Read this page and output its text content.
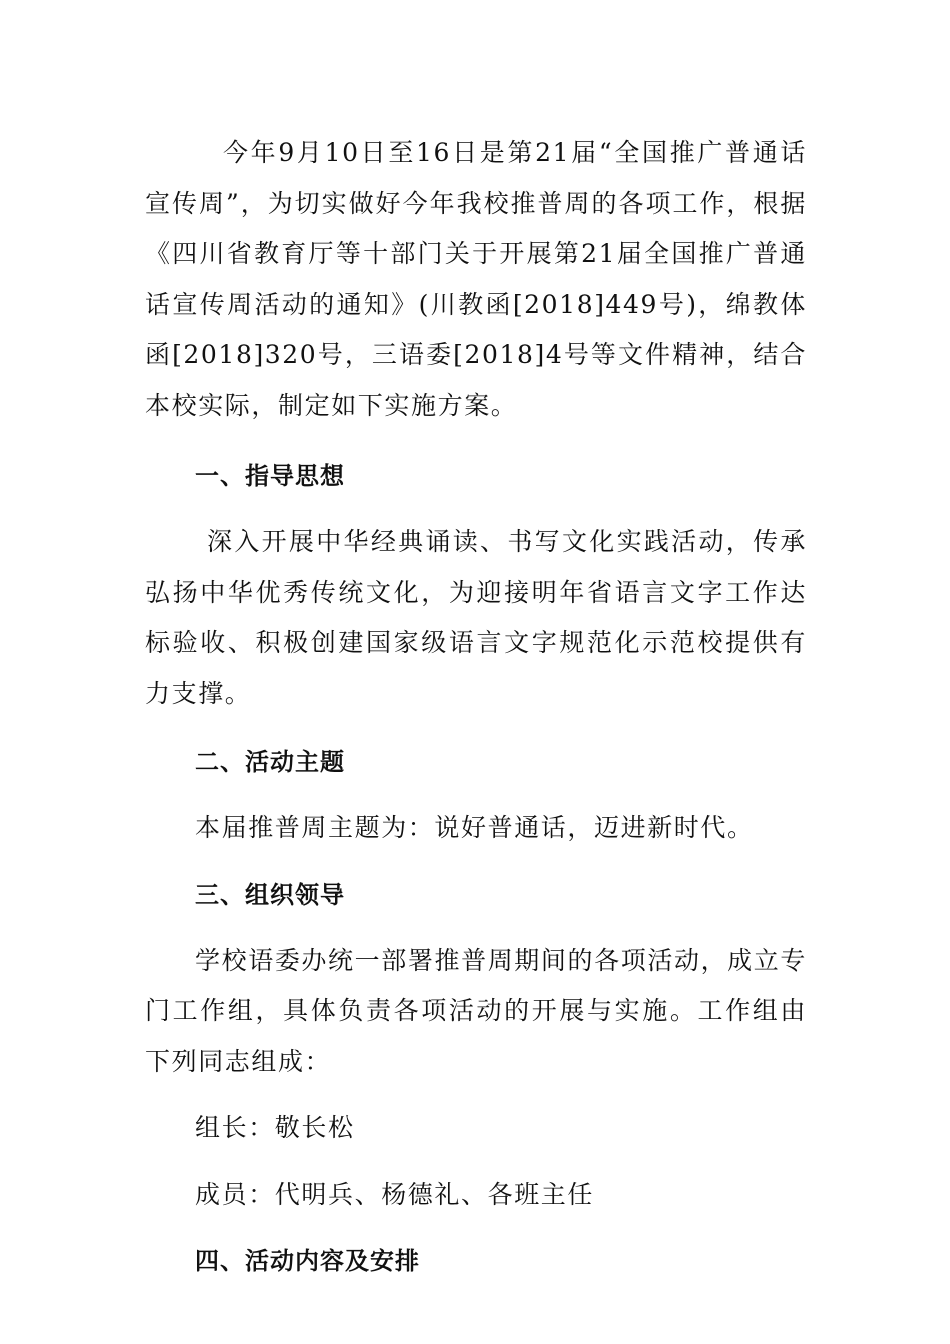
今年9月10日至16日是第21届“全国推广普通话宣传周”，为切实做好今年我校推普周的各项工作，根据《四川省教育厅等十部门关于开展第21届全国推广普通话宣传周活动的通知》(川教函[2018]449号)，绵教体函[2018]320号，三语委[2018]4号等文件精神，结合本校实际，制定如下实施方案。

一、指导思想

深入开展中华经典诵读、书写文化实践活动，传承弘扬中华优秀传统文化，为迎接明年省语言文字工作达标验收、积极创建国家级语言文字规范化示范校提供有力支撑。

二、活动主题

本届推普周主题为：说好普通话，迈进新时代。

三、组织领导

学校语委办统一部署推普周期间的各项活动，成立专门工作组，具体负责各项活动的开展与实施。工作组由下列同志组成：

组长：敬长松

成员：代明兵、杨德礼、各班主任

四、活动内容及安排
